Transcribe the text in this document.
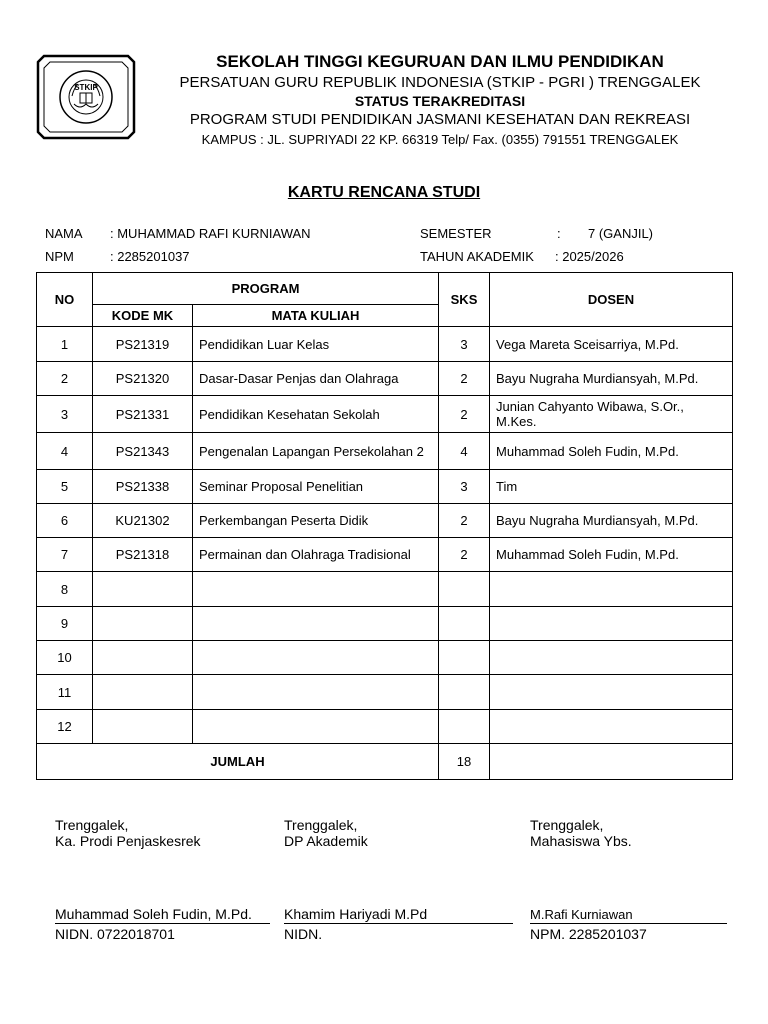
STKIP
SEKOLAH TINGGI KEGURUAN DAN ILMU PENDIDIKAN
PERSATUAN GURU REPUBLIK INDONESIA (STKIP - PGRI ) TRENGGALEK
STATUS TERAKREDITASI
PROGRAM STUDI PENDIDIKAN JASMANI KESEHATAN DAN REKREASI
KAMPUS : JL. SUPRIYADI 22 KP. 66319 Telp/ Fax. (0355) 791551 TRENGGALEK
KARTU RENCANA STUDI
NAMA : MUHAMMAD RAFI KURNIAWAN
NPM	: 2285201037
SEMESTER	: 7 (GANJIL)
TAHUN AKADEMIK : 2025/2026
NO	PROGRAM		SKS	DOSEN
	KODE MK	MATA KULIAH		
1	PS21319	Pendidikan Luar Kelas	3	Vega Mareta Sceisarriya, M.Pd.
2	PS21320	Dasar-Dasar Penjas dan Olahraga	2	Bayu Nugraha Murdiansyah, M.Pd.
3	PS21331	Pendidikan Kesehatan Sekolah	2	Junian Cahyanto Wibawa, S.Or., M.Kes.
4	PS21343	Pengenalan Lapangan Persekolahan 2	4	Muhammad Soleh Fudin, M.Pd.
5	PS21338	Seminar Proposal Penelitian	3	Tim
6	KU21302	Perkembangan Peserta Didik	2	Bayu Nugraha Murdiansyah, M.Pd.
7	PS21318	Permainan dan Olahraga Tradisional	2	Muhammad Soleh Fudin, M.Pd.
8				
9				
10				
11				
12				
JUMLAH			18	
Trenggalek,
Ka. Prodi Penjaskesrek
Muhammad Soleh Fudin, M.Pd.
NIDN. 0722018701
Trenggalek,
DP Akademik
Khamim Hariyadi M.Pd
NIDN.
Trenggalek,
Mahasiswa Ybs.
M.Rafi Kurniawan
NPM. 2285201037
